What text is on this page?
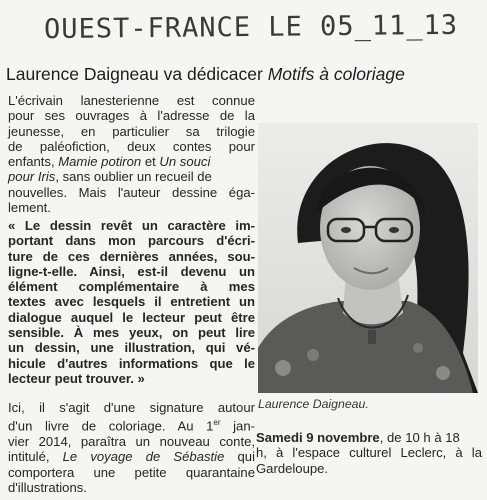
OUEST-FRANCE LE 05_11_13
Laurence Daigneau va dédicacer Motifs à coloriage
L'écrivain lanesterienne est connue
pour ses ouvrages à l'adresse de la
jeunesse, en particulier sa trilogie
de paléofiction, deux contes pour
enfants, Mamie potiron et Un souci
pour Iris, sans oublier un recueil de
nouvelles. Mais l'auteur dessine éga-
lement.
« Le dessin revêt un caractère im-
portant dans mon parcours d'écri-
ture de ces dernières années, sou-
ligne-t-elle. Ainsi, est-il devenu un
élément complémentaire à mes
textes avec lesquels il entretient un
dialogue auquel le lecteur peut être
sensible. À mes yeux, on peut lire
un dessin, une illustration, qui vé-
hicule d'autres informations que le
lecteur peut trouver. »
Ici, il s'agit d'une signature autour
d'un livre de coloriage. Au 1er jan-
vier 2014, paraîtra un nouveau conte,
intitulé, Le voyage de Sébastie qui
comportera une petite quarantaine
d'illustrations.
Laurence Daigneau.
Samedi 9 novembre, de 10 h à 18
h, à l'espace culturel Leclerc, à la
Gardeloupe.
